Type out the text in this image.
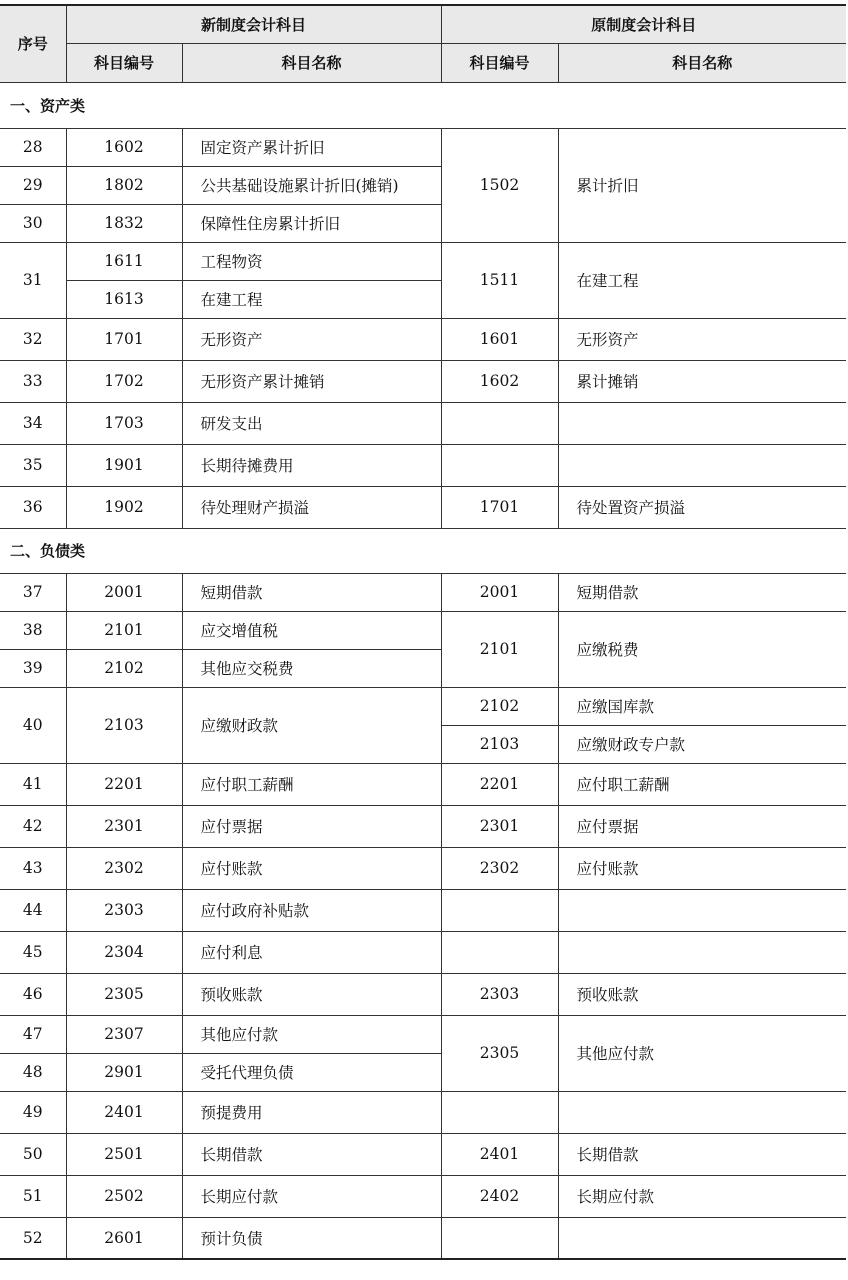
序号	新制度会计科目		原制度会计科目	
	科目编号	科目名称	科目编号	科目名称
一、资产类				
28	1602	固定资产累计折旧	1502	累计折旧
29	1802	公共基础设施累计折旧(摊销)		
30	1832	保障性住房累计折旧		
31	1611	工程物资	1511	在建工程
	1613	在建工程		
32	1701	无形资产	1601	无形资产
33	1702	无形资产累计摊销	1602	累计摊销
34	1703	研发支出		
35	1901	长期待摊费用		
36	1902	待处理财产损溢	1701	待处置资产损溢
二、负债类				
37	2001	短期借款	2001	短期借款
38	2101	应交增值税	2101	应缴税费
39	2102	其他应交税费		
40	2103	应缴财政款	2102	应缴国库款
			2103	应缴财政专户款
41	2201	应付职工薪酬	2201	应付职工薪酬
42	2301	应付票据	2301	应付票据
43	2302	应付账款	2302	应付账款
44	2303	应付政府补贴款		
45	2304	应付利息		
46	2305	预收账款	2303	预收账款
47	2307	其他应付款	2305	其他应付款
48	2901	受托代理负债		
49	2401	预提费用		
50	2501	长期借款	2401	长期借款
51	2502	长期应付款	2402	长期应付款
52	2601	预计负债		
